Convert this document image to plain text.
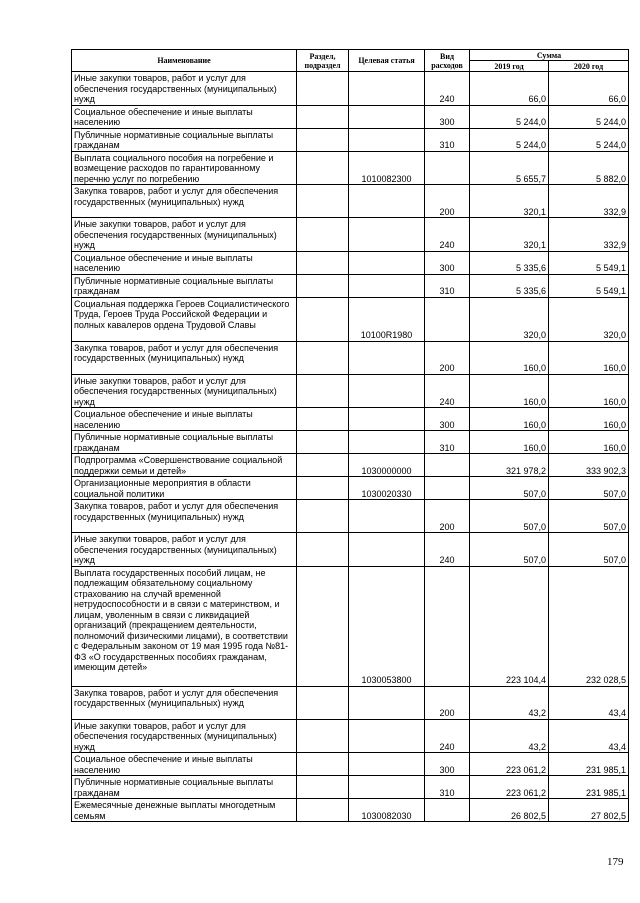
Наименование	Раздел, подраздел	Целевая статья	Вид расходов	Сумма	
				2019 год	2020 год
Иные закупки товаров, работ и услуг для обеспечения государственных (муниципальных) нужд			240	66,0	66,0
Социальное обеспечение и иные выплаты населению			300	5 244,0	5 244,0
Публичные нормативные социальные выплаты гражданам			310	5 244,0	5 244,0
Выплата социального пособия на погребение и возмещение расходов по гарантированному перечню услуг по погребению		1010082300		5 655,7	5 882,0
Закупка товаров, работ и услуг для обеспечения государственных (муниципальных) нужд			200	320,1	332,9
Иные закупки товаров, работ и услуг для обеспечения государственных (муниципальных) нужд			240	320,1	332,9
Социальное обеспечение и иные выплаты населению			300	5 335,6	5 549,1
Публичные нормативные социальные выплаты гражданам			310	5 335,6	5 549,1
Социальная поддержка Героев Социалистического Труда, Героев Труда Российской Федерации и полных кавалеров ордена Трудовой Славы		10100R1980		320,0	320,0
Закупка товаров, работ и услуг для обеспечения государственных (муниципальных) нужд			200	160,0	160,0
Иные закупки товаров, работ и услуг для обеспечения государственных (муниципальных) нужд			240	160,0	160,0
Социальное обеспечение и иные выплаты населению			300	160,0	160,0
Публичные нормативные социальные выплаты гражданам			310	160,0	160,0
Подпрограмма «Совершенствование социальной поддержки семьи и детей»		1030000000		321 978,2	333 902,3
Организационные мероприятия в области социальной политики		1030020330		507,0	507,0
Закупка товаров, работ и услуг для обеспечения государственных (муниципальных) нужд			200	507,0	507,0
Иные закупки товаров, работ и услуг для обеспечения государственных (муниципальных) нужд			240	507,0	507,0
Выплата государственных пособий лицам, не подлежащим обязательному социальному страхованию на случай временной нетрудоспособности и в связи с материнством, и лицам, уволенным в связи с ликвидацией организаций (прекращением деятельности, полномочий физическими лицами), в соответствии с Федеральным законом от 19 мая 1995 года №81-ФЗ «О государственных пособиях гражданам, имеющим детей»		1030053800		223 104,4	232 028,5
Закупка товаров, работ и услуг для обеспечения государственных (муниципальных) нужд			200	43,2	43,4
Иные закупки товаров, работ и услуг для обеспечения государственных (муниципальных) нужд			240	43,2	43,4
Социальное обеспечение и иные выплаты населению			300	223 061,2	231 985,1
Публичные нормативные социальные выплаты гражданам			310	223 061,2	231 985,1
Ежемесячные денежные выплаты многодетным семьям		1030082030		26 802,5	27 802,5
179
